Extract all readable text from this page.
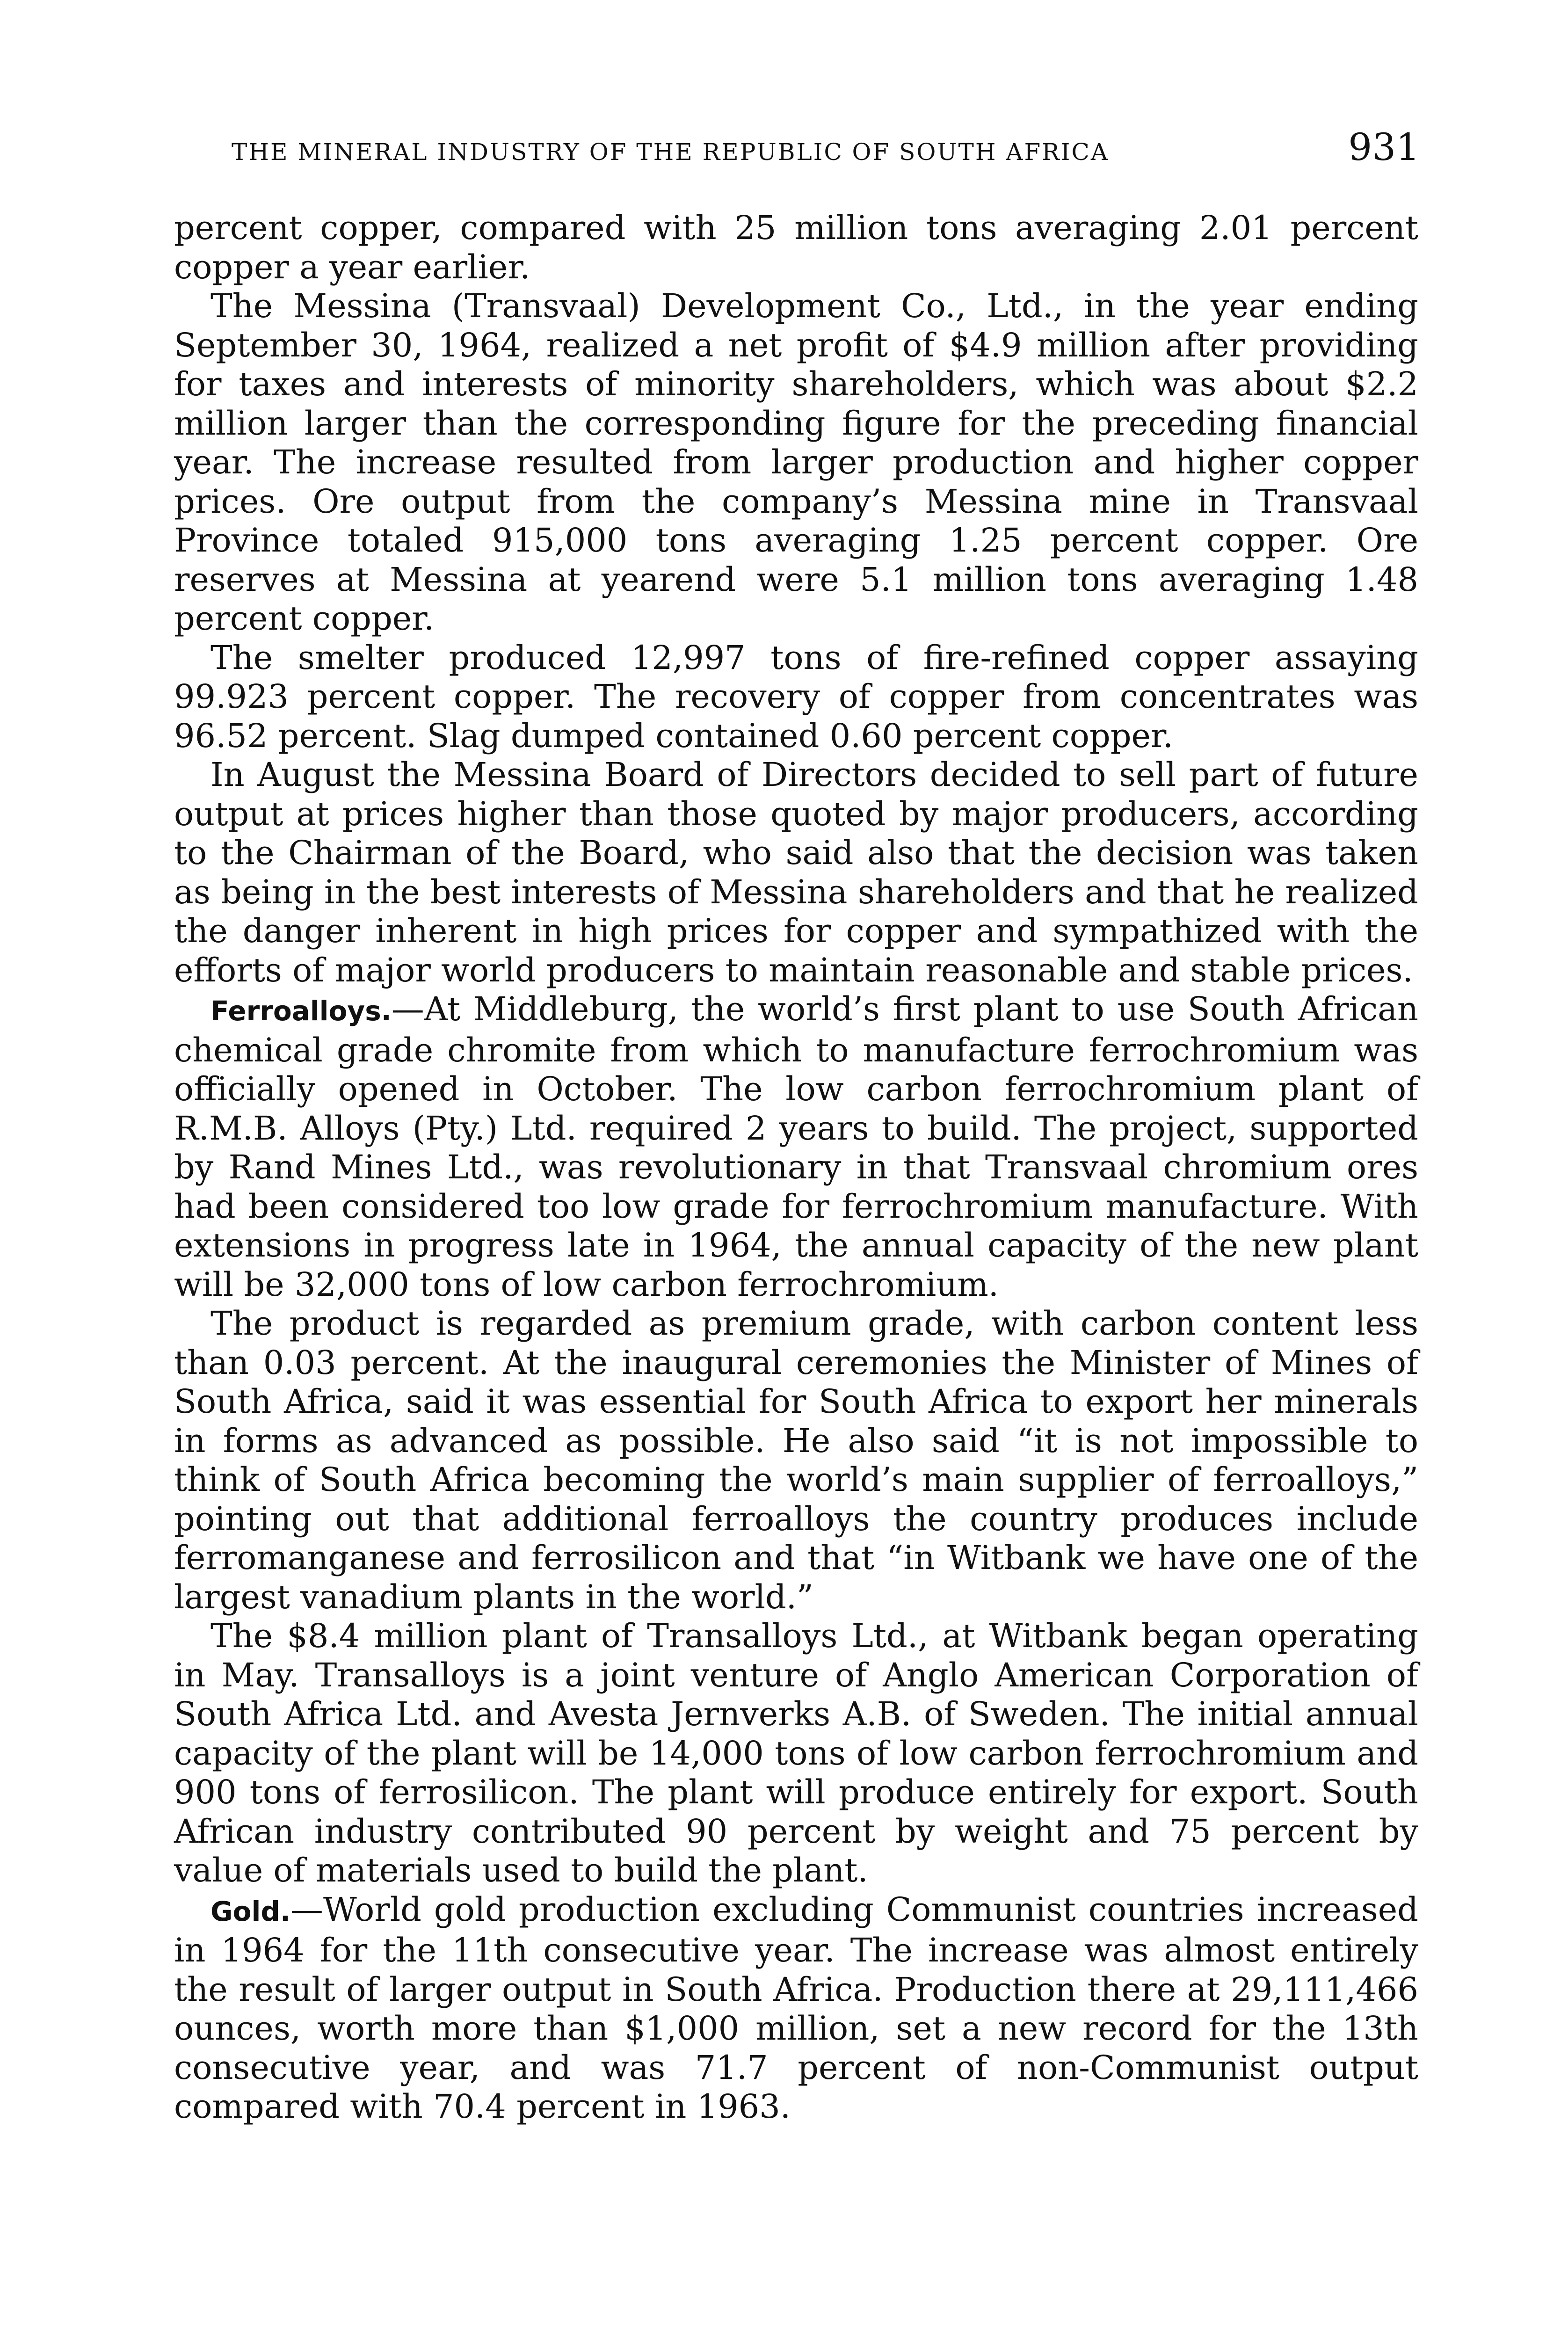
THE MINERAL INDUSTRY OF THE REPUBLIC OF SOUTH AFRICA	931

percent copper, compared with 25 million tons averaging 2.01 percent copper a year earlier.

The Messina (Transvaal) Development Co., Ltd., in the year ending September 30, 1964, realized a net profit of $4.9 million after providing for taxes and interests of minority shareholders, which was about $2.2 million larger than the corresponding figure for the preceding financial year. The increase resulted from larger production and higher copper prices. Ore output from the company’s Messina mine in Transvaal Province totaled 915,000 tons averaging 1.25 percent copper. Ore reserves at Messina at yearend were 5.1 million tons averaging 1.48 percent copper.

The smelter produced 12,997 tons of fire-refined copper assaying 99.923 percent copper. The recovery of copper from concentrates was 96.52 percent. Slag dumped contained 0.60 percent copper.

In August the Messina Board of Directors decided to sell part of future output at prices higher than those quoted by major producers, according to the Chairman of the Board, who said also that the decision was taken as being in the best interests of Messina shareholders and that he realized the danger inherent in high prices for copper and sympathized with the efforts of major world producers to maintain reasonable and stable prices.

Ferroalloys.—At Middleburg, the world’s first plant to use South African chemical grade chromite from which to manufacture ferrochromium was officially opened in October. The low carbon ferrochromium plant of R.M.B. Alloys (Pty.) Ltd. required 2 years to build. The project, supported by Rand Mines Ltd., was revolutionary in that Transvaal chromium ores had been considered too low grade for ferrochromium manufacture. With extensions in progress late in 1964, the annual capacity of the new plant will be 32,000 tons of low carbon ferrochromium.

The product is regarded as premium grade, with carbon content less than 0.03 percent. At the inaugural ceremonies the Minister of Mines of South Africa, said it was essential for South Africa to export her minerals in forms as advanced as possible. He also said “it is not impossible to think of South Africa becoming the world’s main supplier of ferroalloys,” pointing out that additional ferroalloys the country produces include ferromanganese and ferrosilicon and that “in Witbank we have one of the largest vanadium plants in the world.”

The $8.4 million plant of Transalloys Ltd., at Witbank began operating in May. Transalloys is a joint venture of Anglo American Corporation of South Africa Ltd. and Avesta Jernverks A.B. of Sweden. The initial annual capacity of the plant will be 14,000 tons of low carbon ferrochromium and 900 tons of ferrosilicon. The plant will produce entirely for export. South African industry contributed 90 percent by weight and 75 percent by value of materials used to build the plant.

Gold.—World gold production excluding Communist countries increased in 1964 for the 11th consecutive year. The increase was almost entirely the result of larger output in South Africa. Production there at 29,111,466 ounces, worth more than $1,000 million, set a new record for the 13th consecutive year, and was 71.7 percent of non-Communist output compared with 70.4 percent in 1963.
